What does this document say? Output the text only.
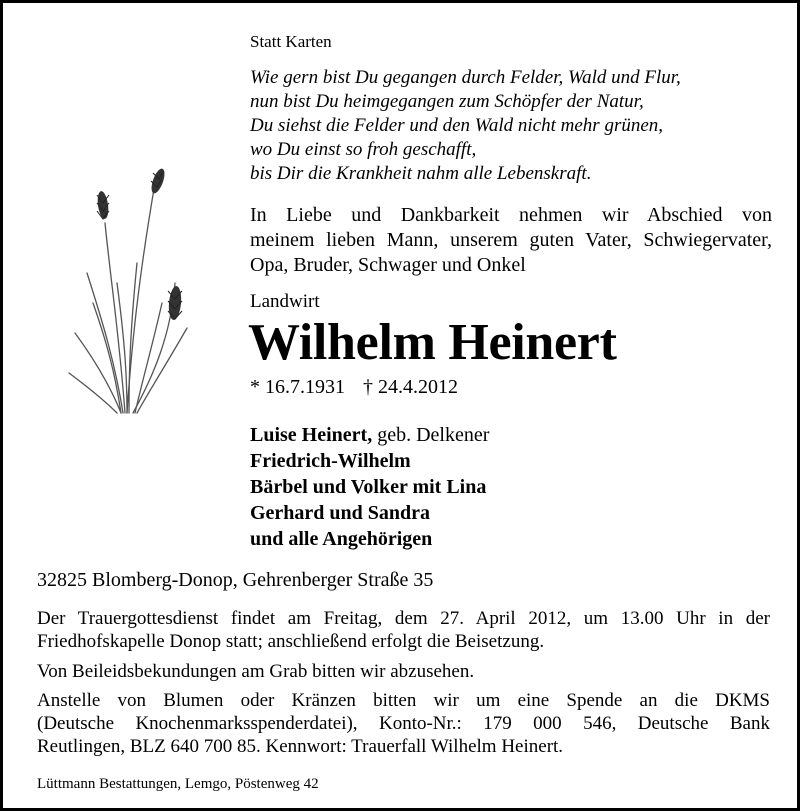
Statt Karten
Wie gern bist Du gegangen durch Felder, Wald und Flur,
nun bist Du heimgegangen zum Schöpfer der Natur,
Du siehst die Felder und den Wald nicht mehr grünen,
wo Du einst so froh geschafft,
bis Dir die Krankheit nahm alle Lebenskraft.
In Liebe und Dankbarkeit nehmen wir Abschied von
meinem lieben Mann, unserem guten Vater, Schwiegervater,
Opa, Bruder, Schwager und Onkel
Landwirt
Wilhelm Heinert
* 16.7.1931 † 24.4.2012
Luise Heinert, geb. Delkener
Friedrich-Wilhelm
Bärbel und Volker mit Lina
Gerhard und Sandra
und alle Angehörigen
32825 Blomberg-Donop, Gehrenberger Straße 35
Der Trauergottesdienst findet am Freitag, dem 27. April 2012, um 13.00 Uhr in der
Friedhofskapelle Donop statt; anschließend erfolgt die Beisetzung.
Von Beileidsbekundungen am Grab bitten wir abzusehen.
Anstelle von Blumen oder Kränzen bitten wir um eine Spende an die DKMS
(Deutsche Knochenmarksspenderdatei), Konto-Nr.: 179 000 546, Deutsche Bank
Reutlingen, BLZ 640 700 85. Kennwort: Trauerfall Wilhelm Heinert.
Lüttmann Bestattungen, Lemgo, Pöstenweg 42
